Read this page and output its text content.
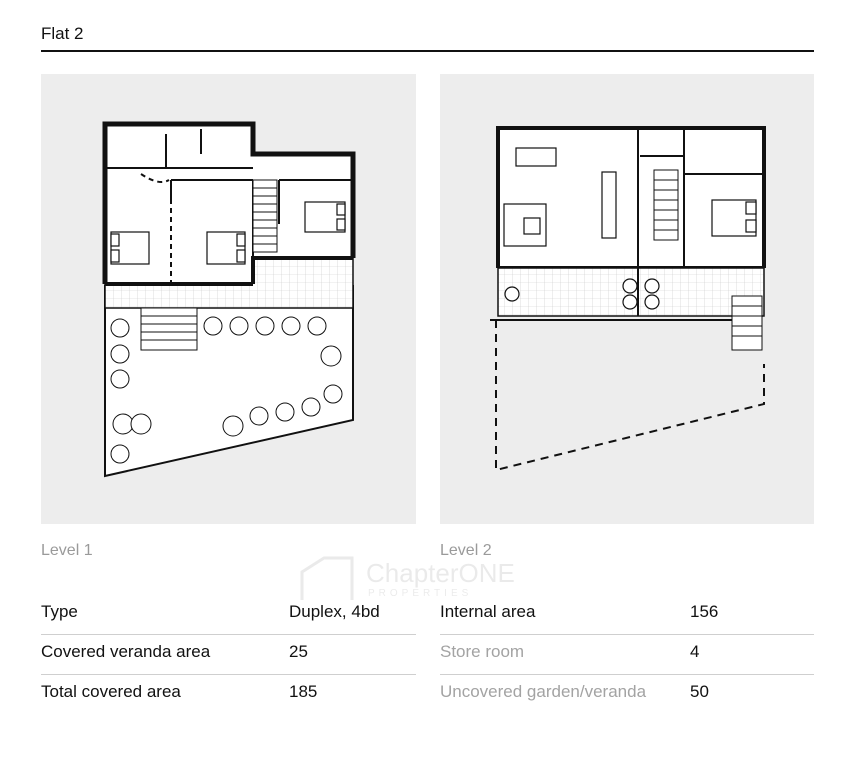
Flat 2
Level 1	Level 2
ChapterONE
PROPERTIES
Type	Duplex, 4bd
Covered veranda area	25
Total covered area	185
Internal area	156
Store room	4
Uncovered garden/veranda	50
